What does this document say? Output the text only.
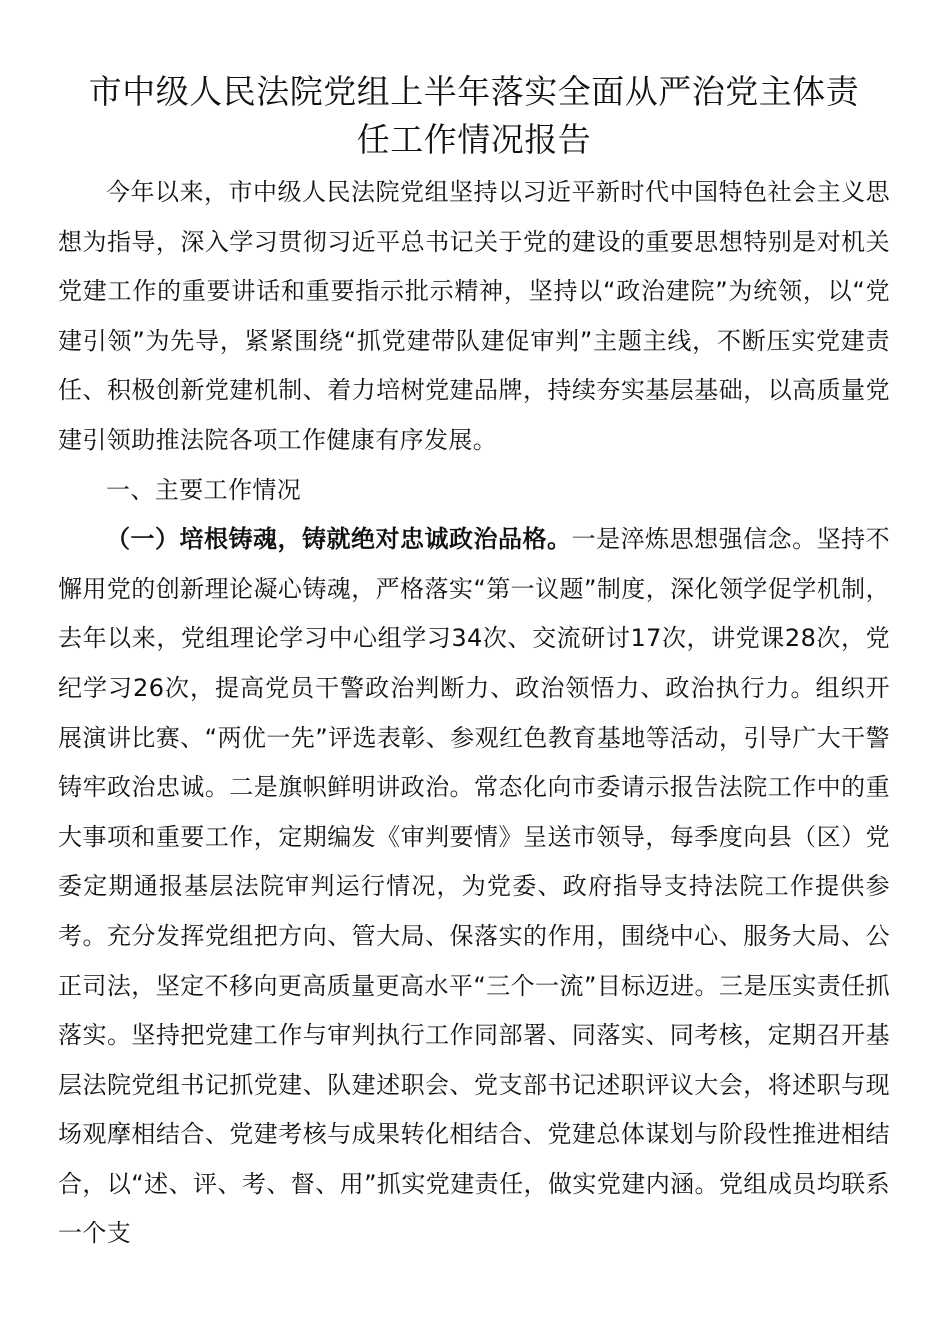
市中级人民法院党组上半年落实全面从严治党主体责
任工作情况报告

今年以来，市中级人民法院党组坚持以习近平新时代中国特色社会主义思想为指导，深入学习贯彻习近平总书记关于党的建设的重要思想特别是对机关党建工作的重要讲话和重要指示批示精神，坚持以“政治建院”为统领，以“党建引领”为先导，紧紧围绕“抓党建带队建促审判”主题主线，不断压实党建责任、积极创新党建机制、着力培树党建品牌，持续夯实基层基础，以高质量党建引领助推法院各项工作健康有序发展。

一、主要工作情况

（一）培根铸魂，铸就绝对忠诚政治品格。一是淬炼思想强信念。坚持不懈用党的创新理论凝心铸魂，严格落实“第一议题”制度，深化领学促学机制，去年以来，党组理论学习中心组学习34次、交流研讨17次，讲党课28次，党纪学习26次，提高党员干警政治判断力、政治领悟力、政治执行力。组织开展演讲比赛、“两优一先”评选表彰、参观红色教育基地等活动，引导广大干警铸牢政治忠诚。二是旗帜鲜明讲政治。常态化向市委请示报告法院工作中的重大事项和重要工作，定期编发《审判要情》呈送市领导，每季度向县（区）党委定期通报基层法院审判运行情况，为党委、政府指导支持法院工作提供参考。充分发挥党组把方向、管大局、保落实的作用，围绕中心、服务大局、公正司法，坚定不移向更高质量更高水平“三个一流”目标迈进。三是压实责任抓落实。坚持把党建工作与审判执行工作同部署、同落实、同考核，定期召开基层法院党组书记抓党建、队建述职会、党支部书记述职评议大会，将述职与现场观摩相结合、党建考核与成果转化相结合、党建总体谋划与阶段性推进相结合，以“述、评、考、督、用”抓实党建责任，做实党建内涵。党组成员均联系一个支
